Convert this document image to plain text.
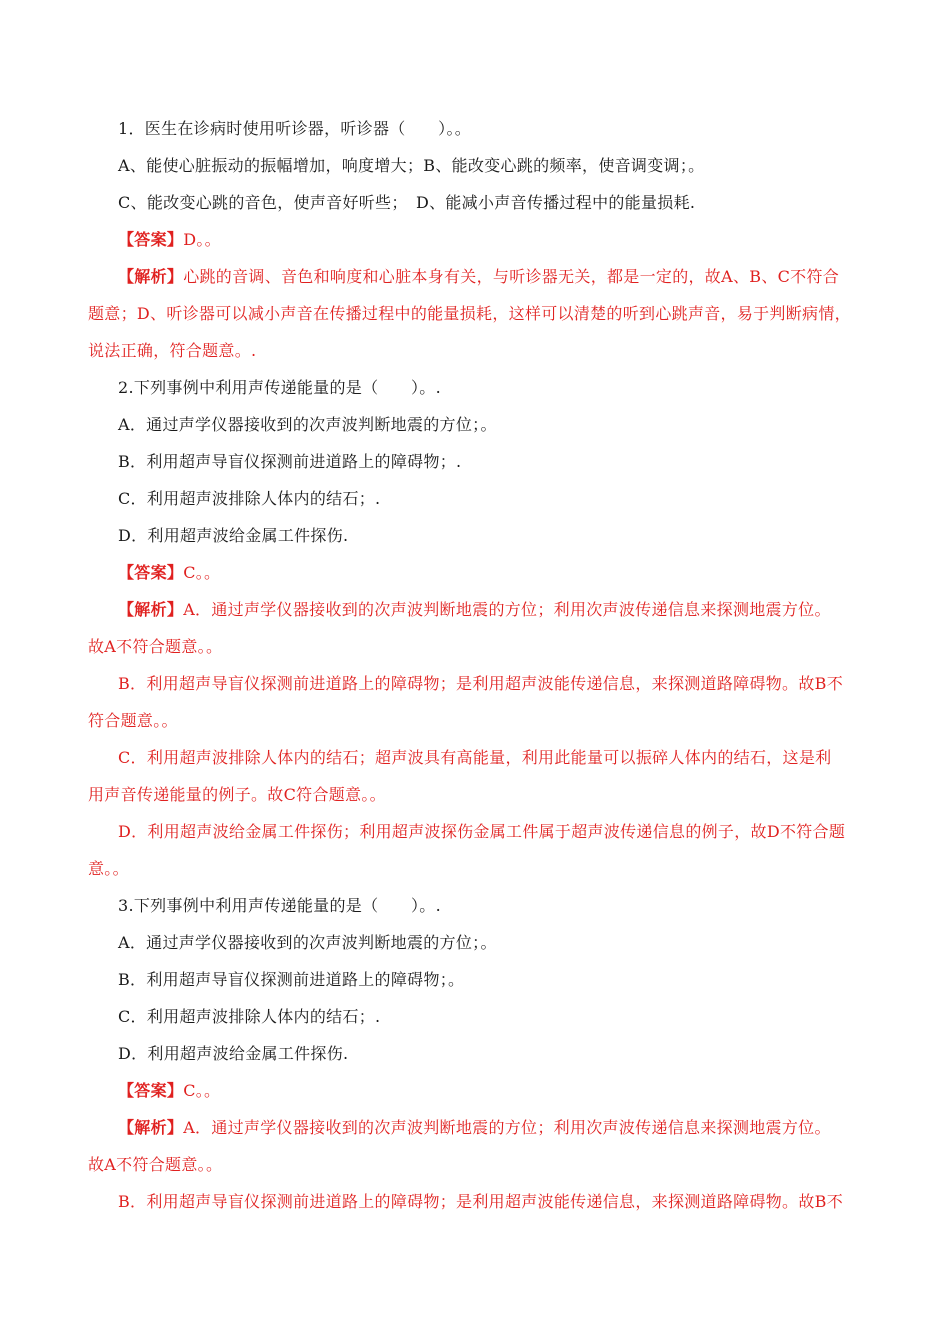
1．医生在诊病时使用听诊器，听诊器（　　）。。
A、能使心脏振动的振幅增加，响度增大；B、能改变心跳的频率，使音调变调；。
C、能改变心跳的音色，使声音好听些；　D、能减小声音传播过程中的能量损耗.
【答案】D。。
【解析】心跳的音调、音色和响度和心脏本身有关，与听诊器无关，都是一定的，故A、B、C不符合
题意；D、听诊器可以减小声音在传播过程中的能量损耗，这样可以清楚的听到心跳声音，易于判断病情，
说法正确，符合题意。.
2.下列事例中利用声传递能量的是（　　）。.
A．通过声学仪器接收到的次声波判断地震的方位；。
B．利用超声导盲仪探测前进道路上的障碍物；.
C．利用超声波排除人体内的结石；.
D．利用超声波给金属工件探伤.
【答案】C。。
【解析】A．通过声学仪器接收到的次声波判断地震的方位；利用次声波传递信息来探测地震方位。
故A不符合题意。。
B．利用超声导盲仪探测前进道路上的障碍物；是利用超声波能传递信息，来探测道路障碍物。故B不
符合题意。。
C．利用超声波排除人体内的结石；超声波具有高能量，利用此能量可以振碎人体内的结石，这是利
用声音传递能量的例子。故C符合题意。。
D．利用超声波给金属工件探伤；利用超声波探伤金属工件属于超声波传递信息的例子，故D不符合题
意。。
3.下列事例中利用声传递能量的是（　　）。.
A．通过声学仪器接收到的次声波判断地震的方位；。
B．利用超声导盲仪探测前进道路上的障碍物；。
C．利用超声波排除人体内的结石；.
D．利用超声波给金属工件探伤.
【答案】C。。
【解析】A．通过声学仪器接收到的次声波判断地震的方位；利用次声波传递信息来探测地震方位。
故A不符合题意。。
B．利用超声导盲仪探测前进道路上的障碍物；是利用超声波能传递信息，来探测道路障碍物。故B不
